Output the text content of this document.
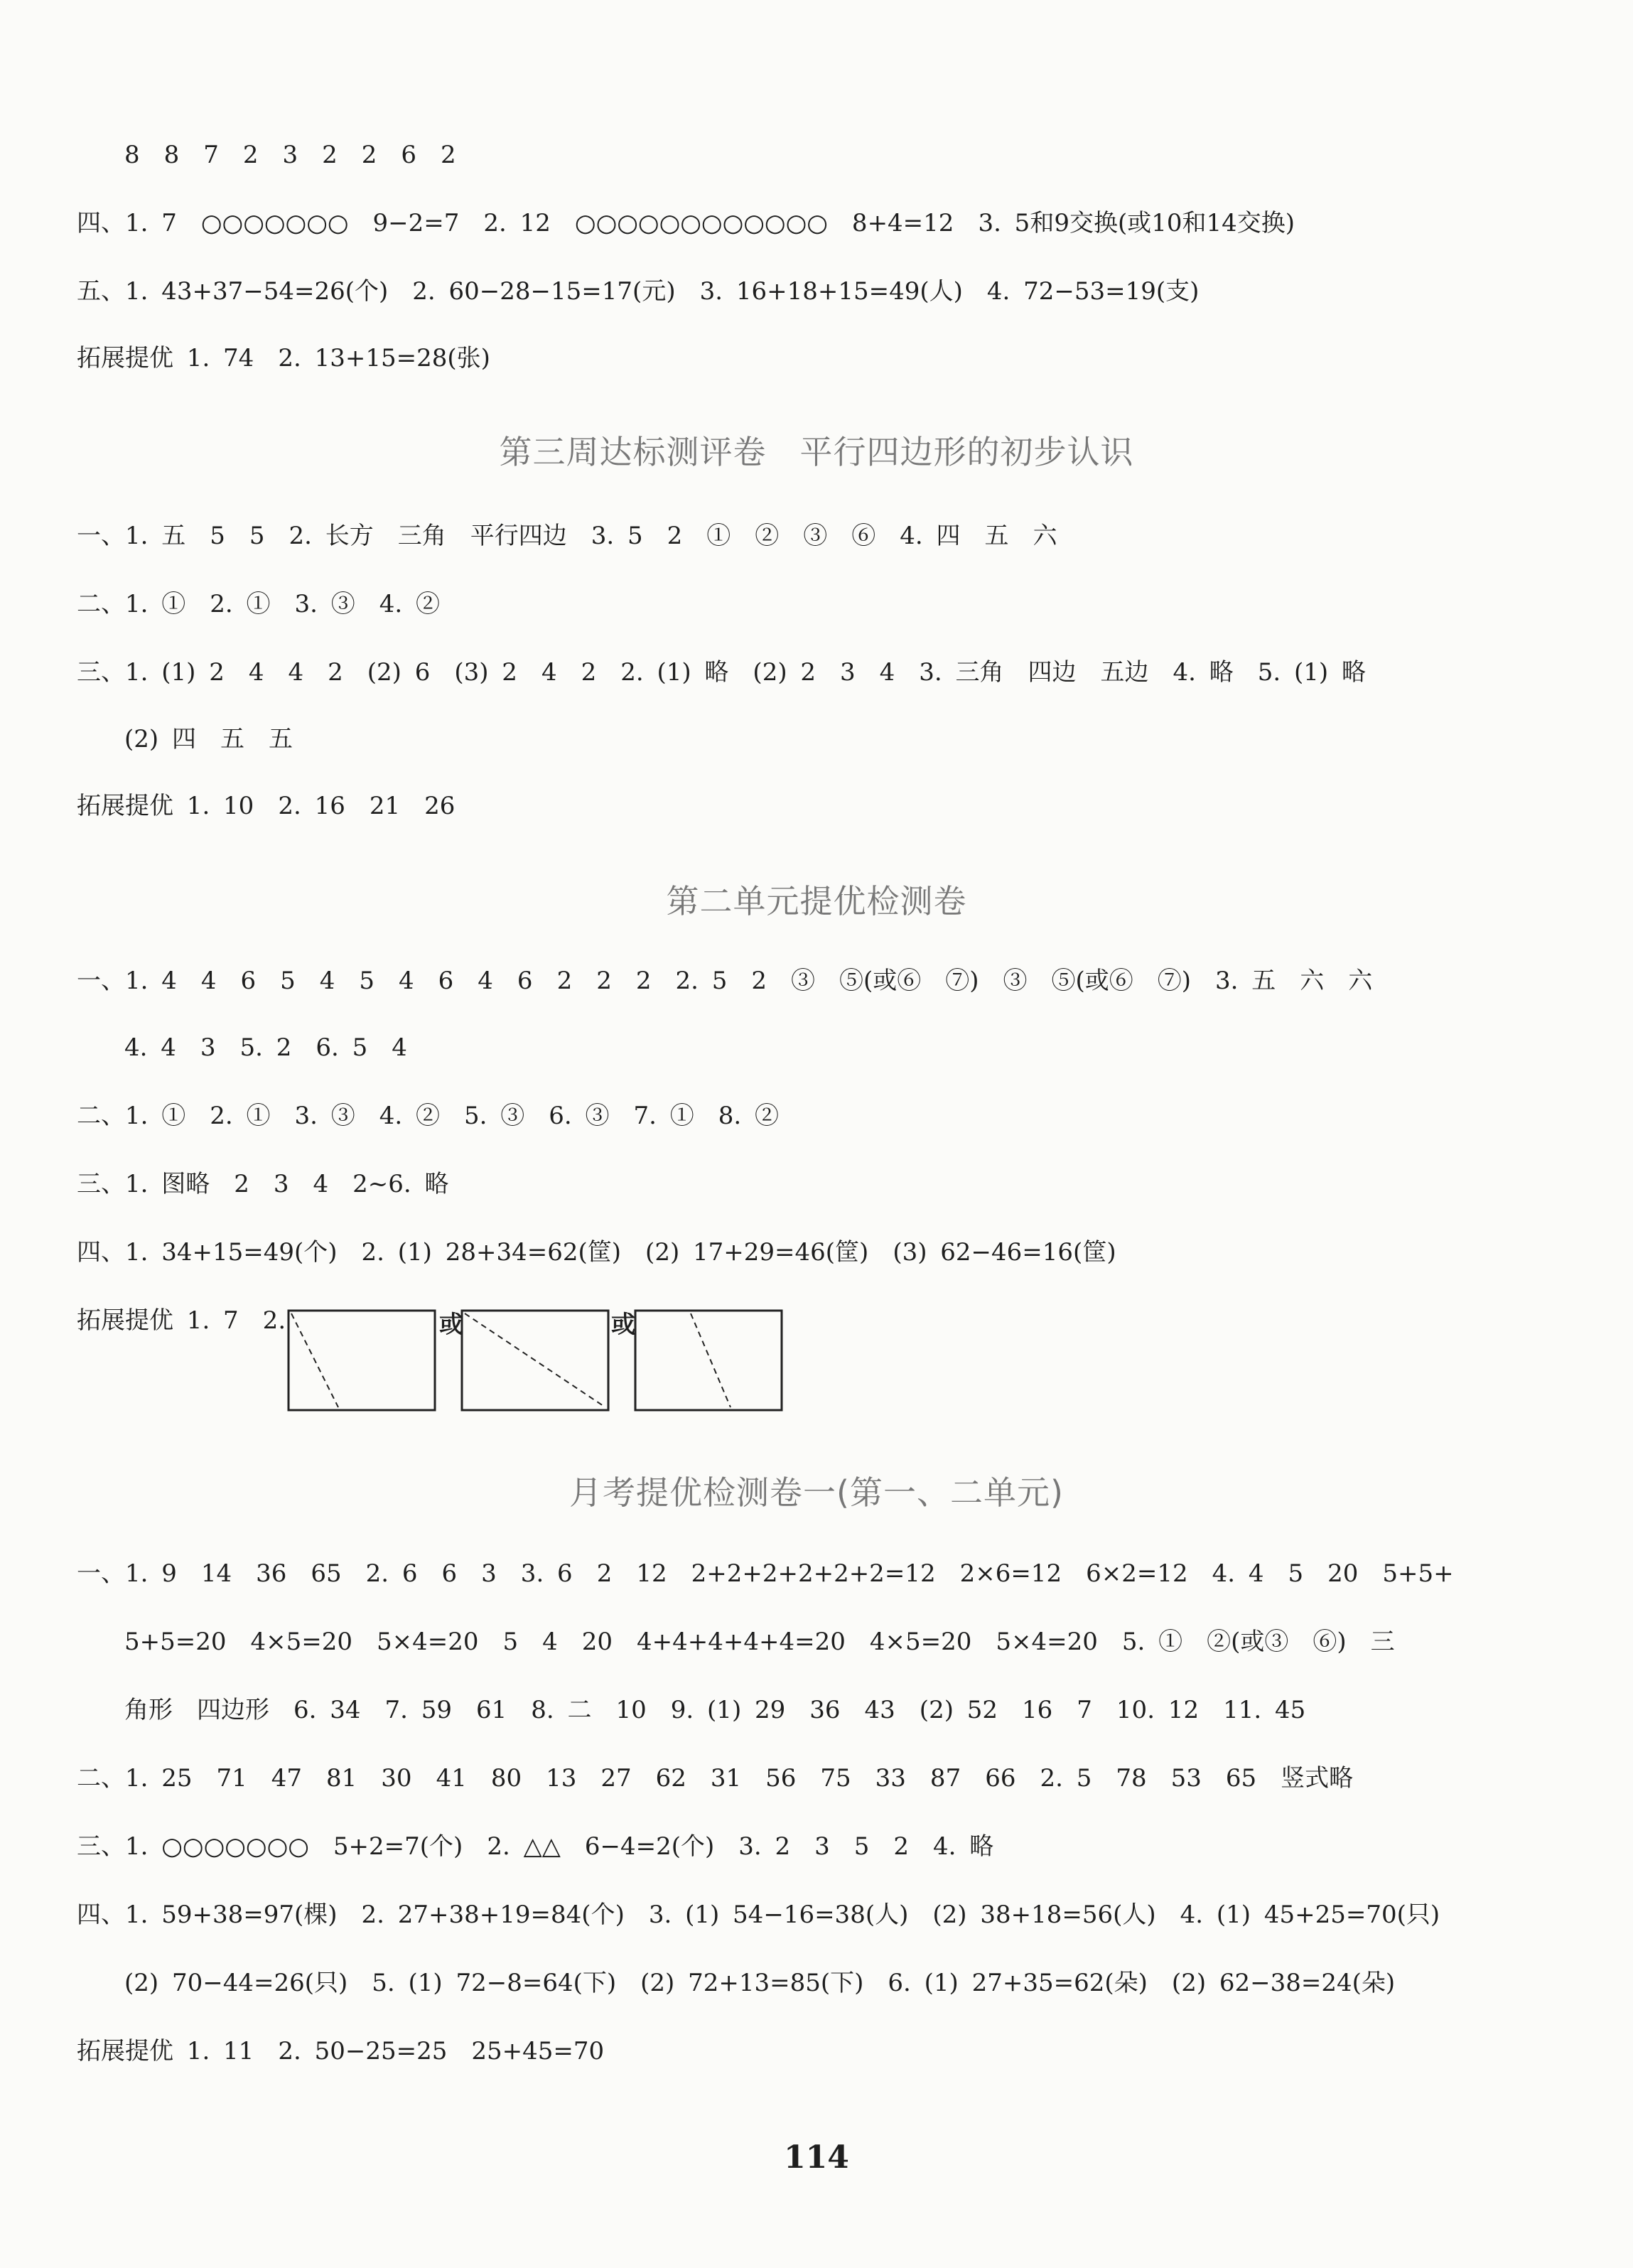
8　8　7　2　3　2　2　6　2
四、1. 7　○○○○○○○　9−2=7　2. 12　○○○○○○○○○○○○　8+4=12　3. 5和9交换(或10和14交换)
五、1. 43+37−54=26(个)　2. 60−28−15=17(元)　3. 16+18+15=49(人)　4. 72−53=19(支)
拓展提优 1. 74　2. 13+15=28(张)
第三周达标测评卷　平行四边形的初步认识
一、1. 五　5　5　2. 长方　三角　平行四边　3. 5　2　①　②　③　⑥　4. 四　五　六
二、1. ①　2. ①　3. ③　4. ②
三、1. (1) 2　4　4　2　(2) 6　(3) 2　4　2　2. (1) 略　(2) 2　3　4　3. 三角　四边　五边　4. 略　5. (1) 略
(2) 四　五　五
拓展提优 1. 10　2. 16　21　26
第二单元提优检测卷
一、1. 4　4　6　5　4　5　4　6　4　6　2　2　2　2. 5　2　③　⑤(或⑥　⑦)　③　⑤(或⑥　⑦)　3. 五　六　六
4. 4　3　5. 2　6. 5　4
二、1. ①　2. ①　3. ③　4. ②　5. ③　6. ③　7. ①　8. ②
三、1. 图略　2　3　4　2~6. 略
四、1. 34+15=49(个)　2. (1) 28+34=62(筐)　(2) 17+29=46(筐)　(3) 62−46=16(筐)
拓展提优 1. 7　2.	或	或
月考提优检测卷一(第一、二单元)
一、1. 9　14　36　65　2. 6　6　3　3. 6　2　12　2+2+2+2+2+2=12　2×6=12　6×2=12　4. 4　5　20　5+5+
5+5=20　4×5=20　5×4=20　5　4　20　4+4+4+4+4=20　4×5=20　5×4=20　5. ①　②(或③　⑥)　三
角形　四边形　6. 34　7. 59　61　8. 二　10　9. (1) 29　36　43　(2) 52　16　7　10. 12　11. 45
二、1. 25　71　47　81　30　41　80　13　27　62　31　56　75　33　87　66　2. 5　78　53　65　竖式略
三、1. ○○○○○○○　5+2=7(个)　2. △△　6−4=2(个)　3. 2　3　5　2　4. 略
四、1. 59+38=97(棵)　2. 27+38+19=84(个)　3. (1) 54−16=38(人)　(2) 38+18=56(人)　4. (1) 45+25=70(只)
(2) 70−44=26(只)　5. (1) 72−8=64(下)　(2) 72+13=85(下)　6. (1) 27+35=62(朵)　(2) 62−38=24(朵)
拓展提优 1. 11　2. 50−25=25　25+45=70
114
